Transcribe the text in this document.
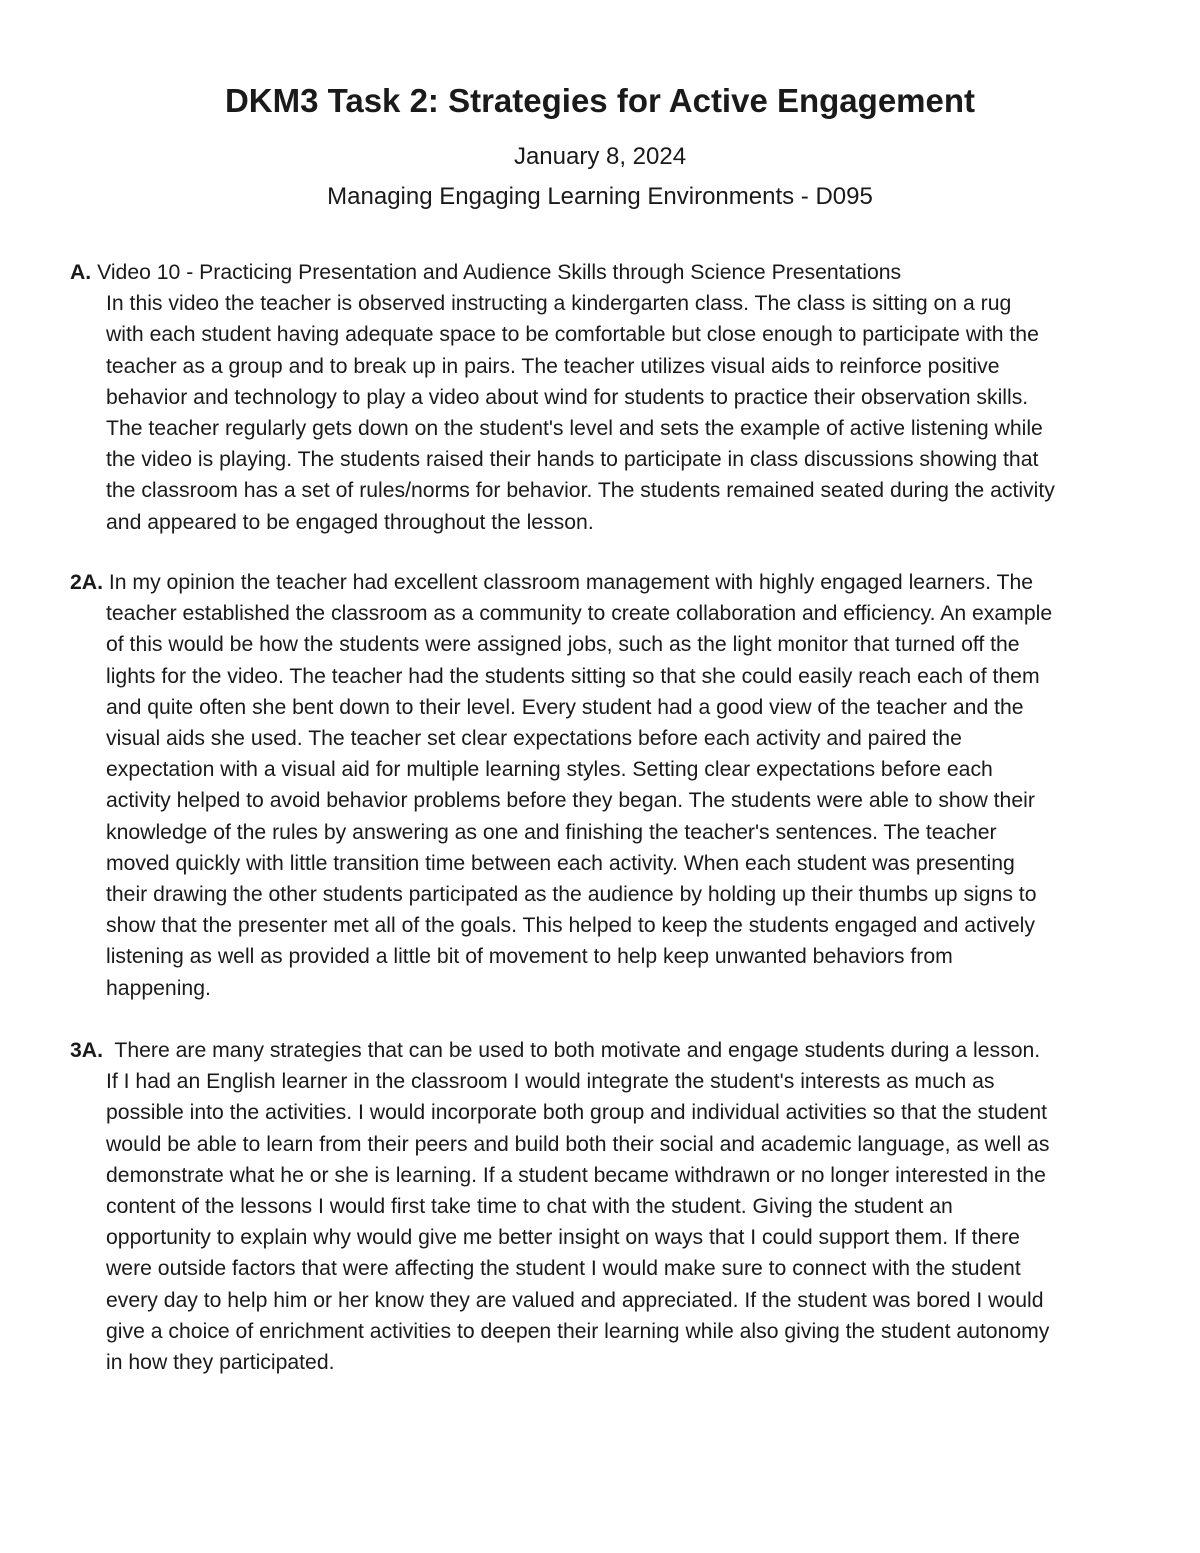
DKM3 Task 2: Strategies for Active Engagement
January 8, 2024
Managing Engaging Learning Environments - D095
A. Video 10 - Practicing Presentation and Audience Skills through Science Presentations
In this video the teacher is observed instructing a kindergarten class. The class is sitting on a rug
with each student having adequate space to be comfortable but close enough to participate with the
teacher as a group and to break up in pairs. The teacher utilizes visual aids to reinforce positive
behavior and technology to play a video about wind for students to practice their observation skills.
The teacher regularly gets down on the student's level and sets the example of active listening while
the video is playing. The students raised their hands to participate in class discussions showing that
the classroom has a set of rules/norms for behavior. The students remained seated during the activity
and appeared to be engaged throughout the lesson.
2A. In my opinion the teacher had excellent classroom management with highly engaged learners. The
teacher established the classroom as a community to create collaboration and efficiency. An example
of this would be how the students were assigned jobs, such as the light monitor that turned off the
lights for the video. The teacher had the students sitting so that she could easily reach each of them
and quite often she bent down to their level. Every student had a good view of the teacher and the
visual aids she used. The teacher set clear expectations before each activity and paired the
expectation with a visual aid for multiple learning styles. Setting clear expectations before each
activity helped to avoid behavior problems before they began. The students were able to show their
knowledge of the rules by answering as one and finishing the teacher's sentences. The teacher
moved quickly with little transition time between each activity. When each student was presenting
their drawing the other students participated as the audience by holding up their thumbs up signs to
show that the presenter met all of the goals. This helped to keep the students engaged and actively
listening as well as provided a little bit of movement to help keep unwanted behaviors from
happening.
3A.  There are many strategies that can be used to both motivate and engage students during a lesson.
If I had an English learner in the classroom I would integrate the student's interests as much as
possible into the activities. I would incorporate both group and individual activities so that the student
would be able to learn from their peers and build both their social and academic language, as well as
demonstrate what he or she is learning. If a student became withdrawn or no longer interested in the
content of the lessons I would first take time to chat with the student. Giving the student an
opportunity to explain why would give me better insight on ways that I could support them. If there
were outside factors that were affecting the student I would make sure to connect with the student
every day to help him or her know they are valued and appreciated. If the student was bored I would
give a choice of enrichment activities to deepen their learning while also giving the student autonomy
in how they participated.
